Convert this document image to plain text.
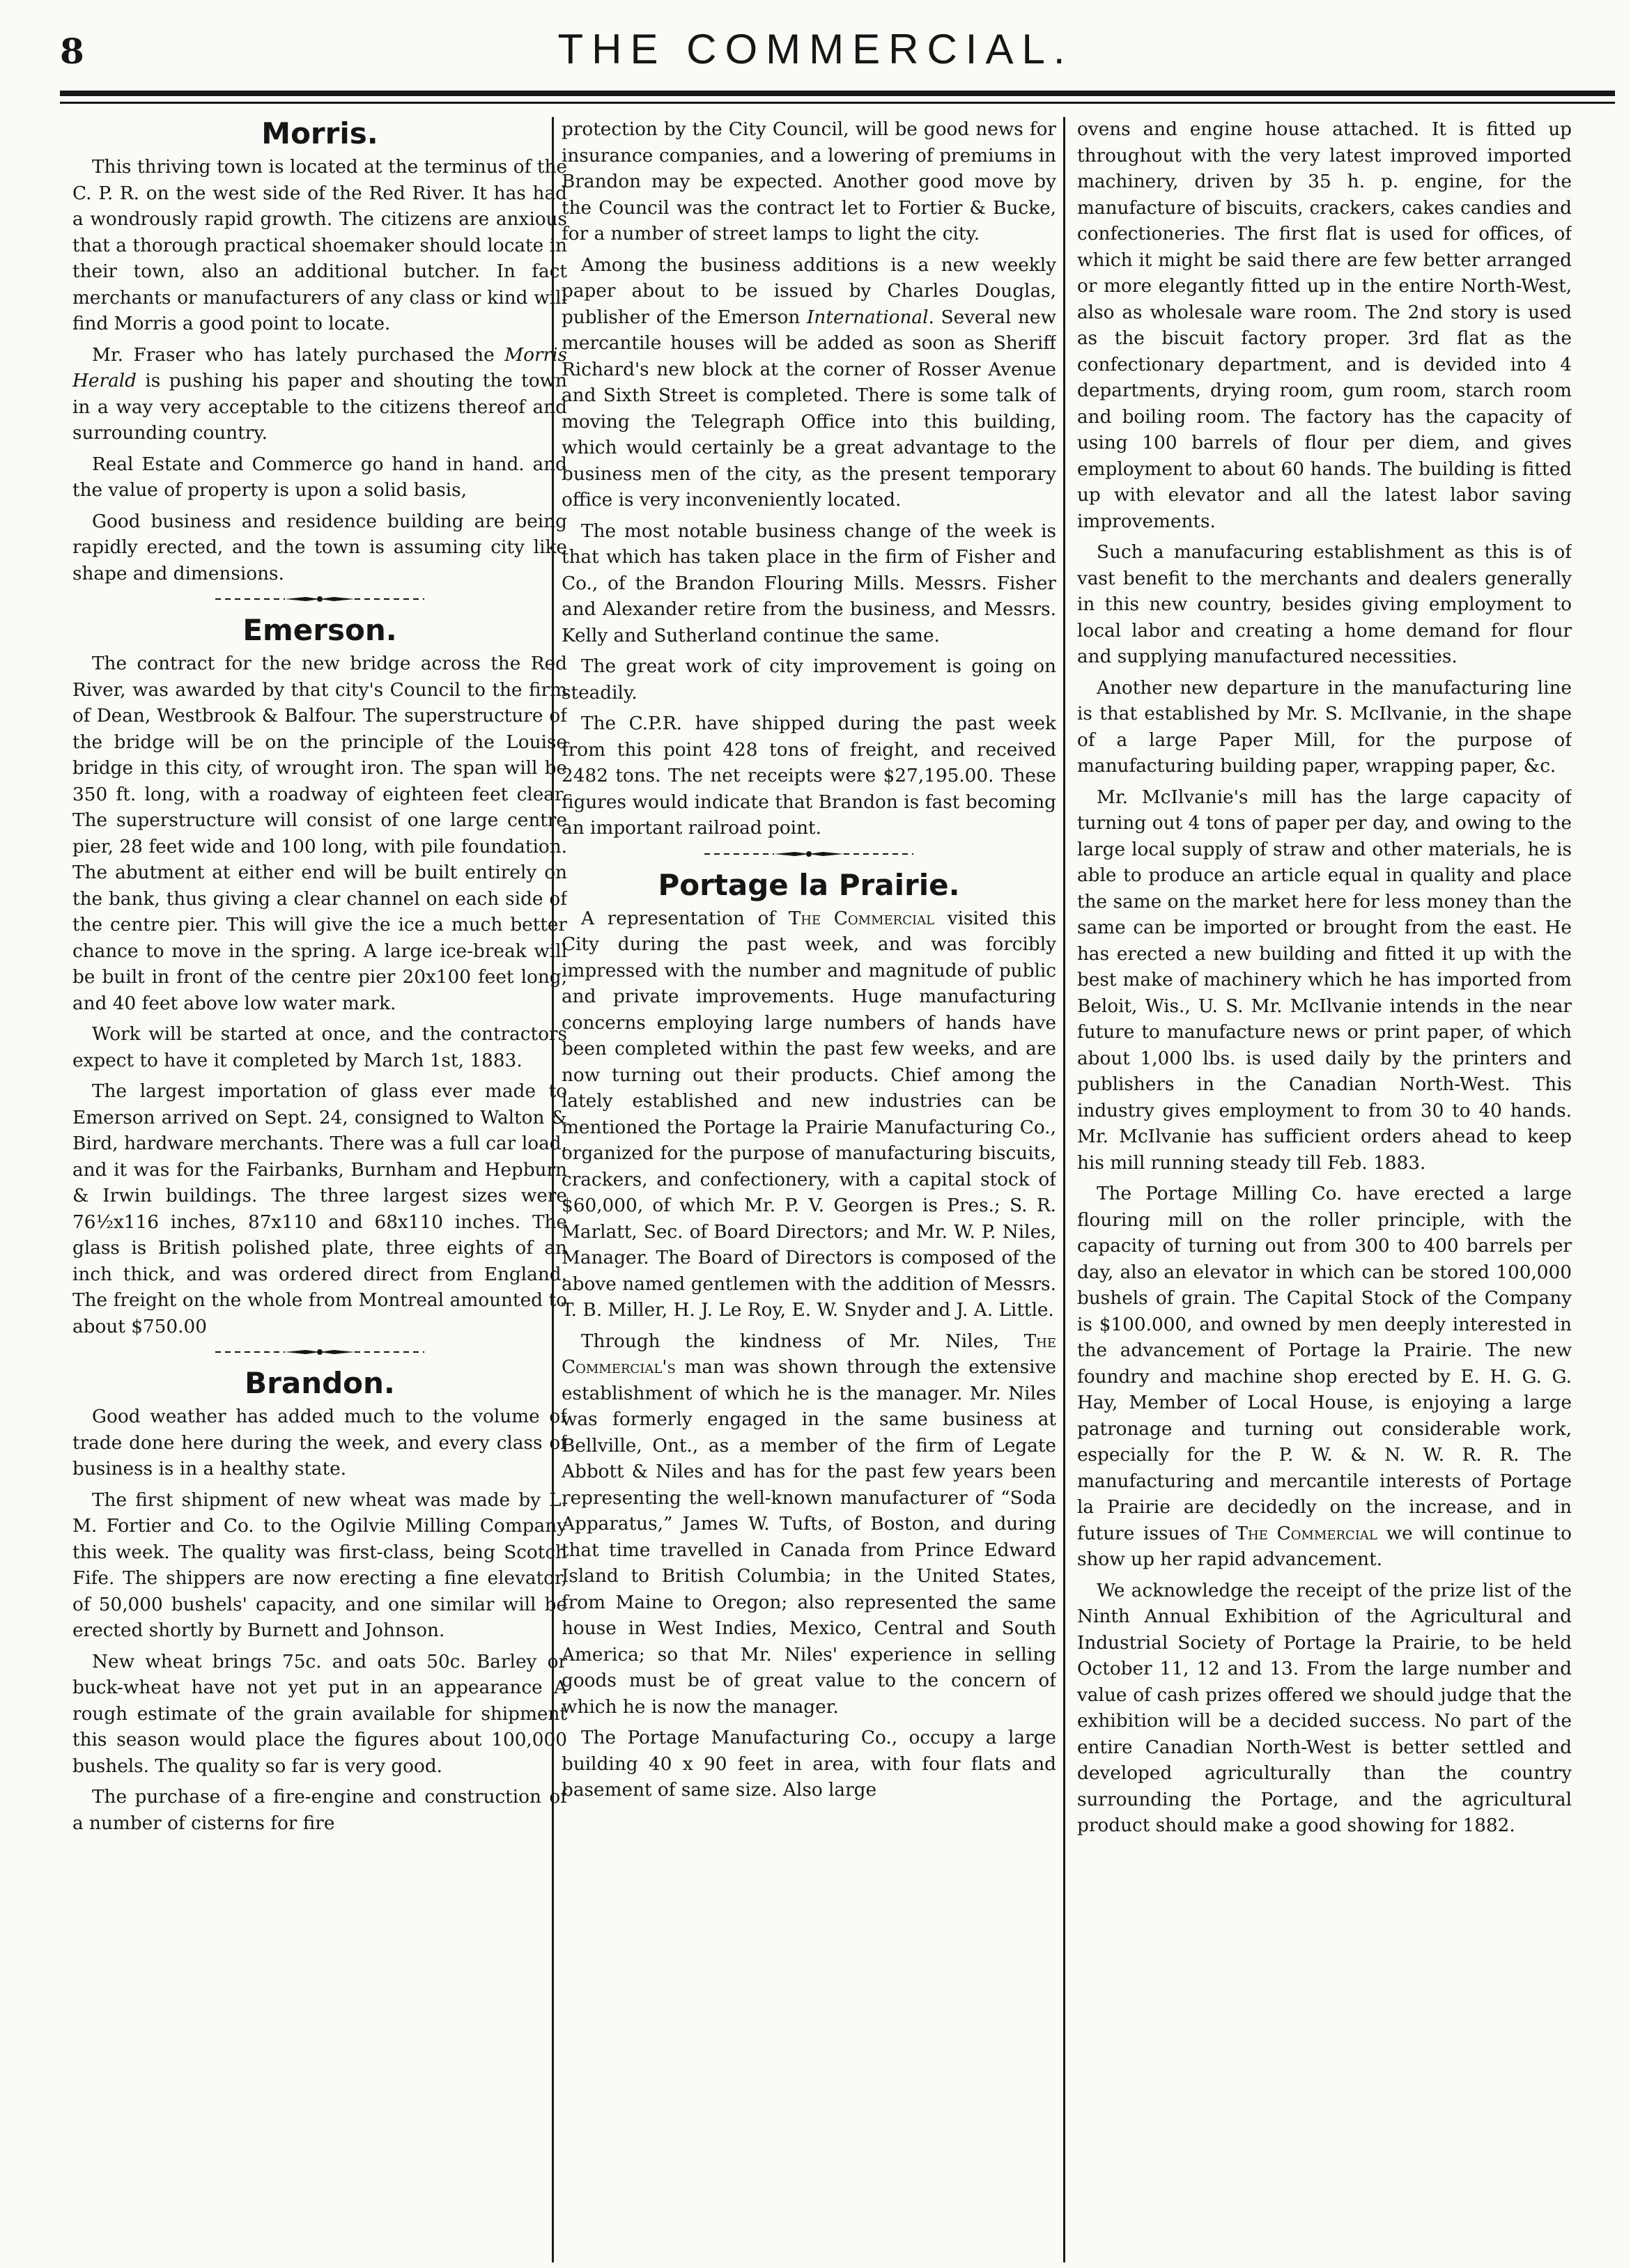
8	THE COMMERCIAL.
Morris.

This thriving town is located at the terminus of the C. P. R. on the west side of the Red River. It has had a wondrously rapid growth. The citizens are anxious that a thorough practical shoemaker should locate in their town, also an additional butcher. In fact merchants or manufacturers of any class or kind will find Morris a good point to locate.

Mr. Fraser who has lately purchased the Morris Herald is pushing his paper and shouting the town in a way very acceptable to the citizens thereof and surrounding country.

Real Estate and Commerce go hand in hand. and the value of property is upon a solid basis,

Good business and residence building are being rapidly erected, and the town is assuming city like shape and dimensions.

Emerson.

The contract for the new bridge across the Red River, was awarded by that city's Council to the firm of Dean, Westbrook & Balfour. The superstructure of the bridge will be on the principle of the Louise bridge in this city, of wrought iron. The span will be 350 ft. long, with a roadway of eighteen feet clear. The superstructure will consist of one large centre pier, 28 feet wide and 100 long, with pile foundation. The abutment at either end will be built entirely on the bank, thus giving a clear channel on each side of the centre pier. This will give the ice a much better chance to move in the spring. A large ice-break will be built in front of the centre pier 20x100 feet long, and 40 feet above low water mark.

Work will be started at once, and the contractors expect to have it completed by March 1st, 1883.

The largest importation of glass ever made to Emerson arrived on Sept. 24, consigned to Walton & Bird, hardware merchants. There was a full car load, and it was for the Fairbanks, Burnham and Hepburn & Irwin buildings. The three largest sizes were 76½x116 inches, 87x110 and 68x110 inches. The glass is British polished plate, three eights of an inch thick, and was ordered direct from England. The freight on the whole from Montreal amounted to about $750.00

Brandon.

Good weather has added much to the volume of trade done here during the week, and every class of business is in a healthy state.

The first shipment of new wheat was made by L. M. Fortier and Co. to the Ogilvie Milling Company this week. The quality was first-class, being Scotch Fife. The shippers are now erecting a fine elevator, of 50,000 bushels' capacity, and one similar will be erected shortly by Burnett and Johnson.

New wheat brings 75c. and oats 50c. Barley or buck-wheat have not yet put in an appearance A rough estimate of the grain available for shipment this season would place the figures about 100,000 bushels. The quality so far is very good.

The purchase of a fire-engine and construction of a number of cisterns for fire

protection by the City Council, will be good news for insurance companies, and a lowering of premiums in Brandon may be expected. Another good move by the Council was the contract let to Fortier & Bucke, for a number of street lamps to light the city.

Among the business additions is a new weekly paper about to be issued by Charles Douglas, publisher of the Emerson International. Several new mercantile houses will be added as soon as Sheriff Richard's new block at the corner of Rosser Avenue and Sixth Street is completed. There is some talk of moving the Telegraph Office into this building, which would certainly be a great advantage to the business men of the city, as the present temporary office is very inconveniently located.

The most notable business change of the week is that which has taken place in the firm of Fisher and Co., of the Brandon Flouring Mills. Messrs. Fisher and Alexander retire from the business, and Messrs. Kelly and Sutherland continue the same.

The great work of city improvement is going on steadily.

The C.P.R. have shipped during the past week from this point 428 tons of freight, and received 2482 tons. The net receipts were $27,195.00. These figures would indicate that Brandon is fast becoming an important railroad point.

Portage la Prairie.

A representation of The Commercial visited this City during the past week, and was forcibly impressed with the number and magnitude of public and private improvements. Huge manufacturing concerns employing large numbers of hands have been completed within the past few weeks, and are now turning out their products. Chief among the lately established and new industries can be mentioned the Portage la Prairie Manufacturing Co., organized for the purpose of manufacturing biscuits, crackers, and confectionery, with a capital stock of $60,000, of which Mr. P. V. Georgen is Pres.; S. R. Marlatt, Sec. of Board Directors; and Mr. W. P. Niles, Manager. The Board of Directors is composed of the above named gentlemen with the addition of Messrs. T. B. Miller, H. J. Le Roy, E. W. Snyder and J. A. Little.

Through the kindness of Mr. Niles, The Commercial's man was shown through the extensive establishment of which he is the manager. Mr. Niles was formerly engaged in the same business at Bellville, Ont., as a member of the firm of Legate Abbott & Niles and has for the past few years been representing the well-known manufacturer of “Soda Apparatus,” James W. Tufts, of Boston, and during that time travelled in Canada from Prince Edward Island to British Columbia; in the United States, from Maine to Oregon; also represented the same house in West Indies, Mexico, Central and South America; so that Mr. Niles' experience in selling goods must be of great value to the concern of which he is now the manager.

The Portage Manufacturing Co., occupy a large building 40 x 90 feet in area, with four flats and basement of same size. Also large

ovens and engine house attached. It is fitted up throughout with the very latest improved imported machinery, driven by 35 h. p. engine, for the manufacture of biscuits, crackers, cakes candies and confectioneries. The first flat is used for offices, of which it might be said there are few better arranged or more elegantly fitted up in the entire North-West, also as wholesale ware room. The 2nd story is used as the biscuit factory proper. 3rd flat as the confectionary department, and is devided into 4 departments, drying room, gum room, starch room and boiling room. The factory has the capacity of using 100 barrels of flour per diem, and gives employment to about 60 hands. The building is fitted up with elevator and all the latest labor saving improvements.

Such a manufacuring establishment as this is of vast benefit to the merchants and dealers generally in this new country, besides giving employment to local labor and creating a home demand for flour and supplying manufactured necessities.

Another new departure in the manufacturing line is that established by Mr. S. McIlvanie, in the shape of a large Paper Mill, for the purpose of manufacturing building paper, wrapping paper, &c.

Mr. McIlvanie's mill has the large capacity of turning out 4 tons of paper per day, and owing to the large local supply of straw and other materials, he is able to produce an article equal in quality and place the same on the market here for less money than the same can be imported or brought from the east. He has erected a new building and fitted it up with the best make of machinery which he has imported from Beloit, Wis., U. S. Mr. McIlvanie intends in the near future to manufacture news or print paper, of which about 1,000 lbs. is used daily by the printers and publishers in the Canadian North-West. This industry gives employment to from 30 to 40 hands. Mr. McIlvanie has sufficient orders ahead to keep his mill running steady till Feb. 1883.

The Portage Milling Co. have erected a large flouring mill on the roller principle, with the capacity of turning out from 300 to 400 barrels per day, also an elevator in which can be stored 100,000 bushels of grain. The Capital Stock of the Company is $100.000, and owned by men deeply interested in the advancement of Portage la Prairie. The new foundry and machine shop erected by E. H. G. G. Hay, Member of Local House, is enjoying a large patronage and turning out considerable work, especially for the P. W. & N. W. R. R. The manufacturing and mercantile interests of Portage la Prairie are decidedly on the increase, and in future issues of The Commercial we will continue to show up her rapid advancement.

We acknowledge the receipt of the prize list of the Ninth Annual Exhibition of the Agricultural and Industrial Society of Portage la Prairie, to be held October 11, 12 and 13. From the large number and value of cash prizes offered we should judge that the exhibition will be a decided success. No part of the entire Canadian North-West is better settled and developed agriculturally than the country surrounding the Portage, and the agricultural product should make a good showing for 1882.
